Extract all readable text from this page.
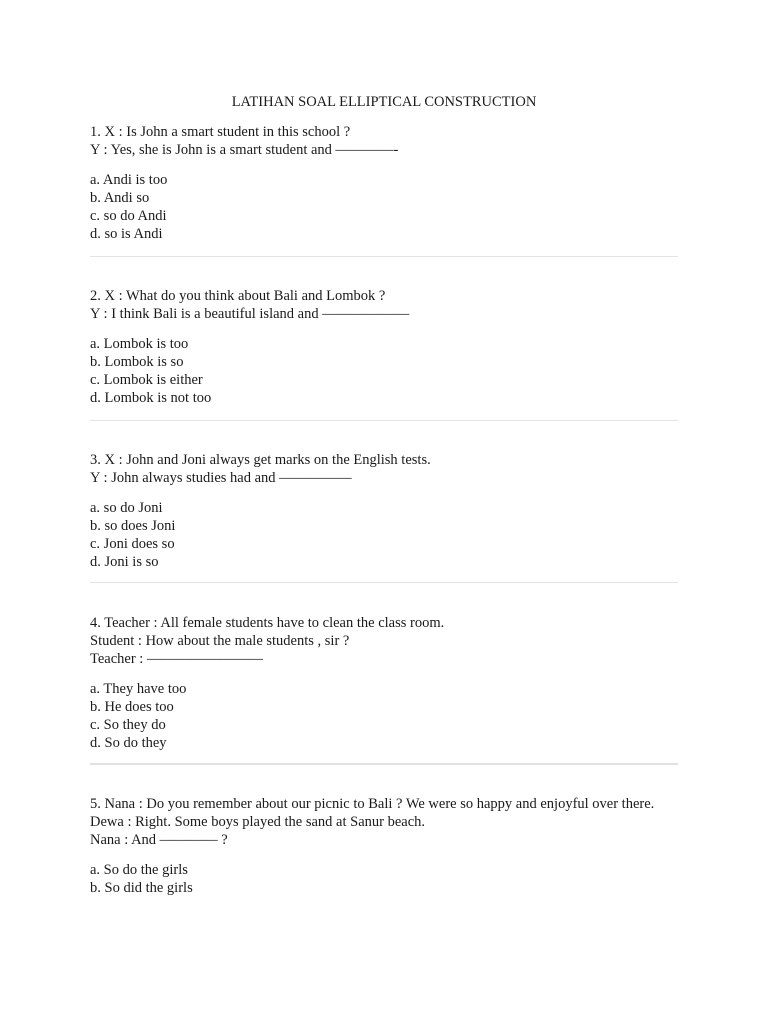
LATIHAN SOAL ELLIPTICAL CONSTRUCTION

1. X : Is John a smart student in this school ?

Y : Yes, she is John is a smart student and ————-

a. Andi is too

b. Andi so

c. so do Andi

d. so is Andi

2. X : What do you think about Bali and Lombok ?

Y : I think Bali is a beautiful island and ——————

a. Lombok is too

b. Lombok is so

c. Lombok is either

d. Lombok is not too

3. X : John and Joni always get marks on the English tests.

Y : John always studies had and —————

a. so do Joni

b. so does Joni

c. Joni does so

d. Joni is so

4. Teacher : All female students have to clean the class room.

Student : How about the male students , sir ?

Teacher : ————————

a. They have too

b. He does too

c. So they do

d. So do they

5. Nana : Do you remember about our picnic to Bali ? We were so happy and enjoyful over there.

Dewa : Right. Some boys played the sand at Sanur beach.

Nana : And ———— ?

a. So do the girls

b. So did the girls
